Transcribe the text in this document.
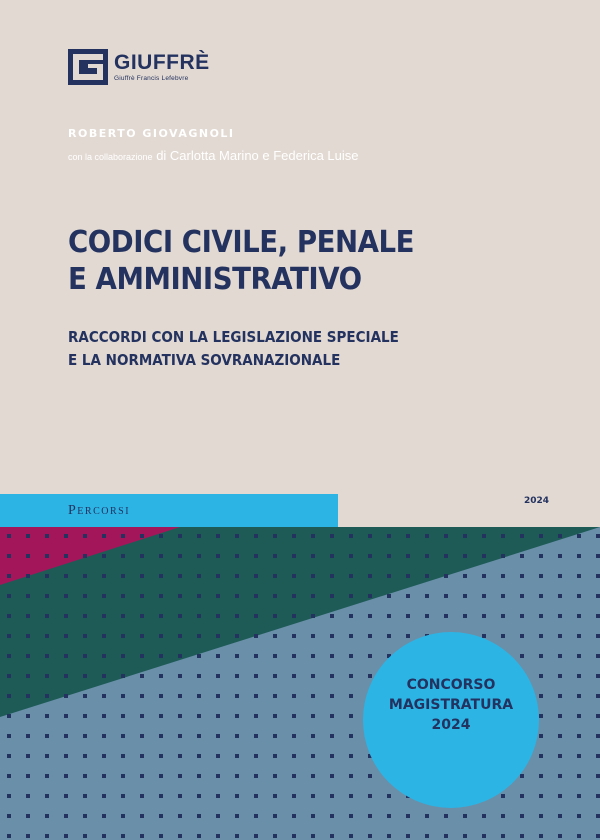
GIUFFRÈ
Giuffrè Francis Lefebvre
ROBERTO GIOVAGNOLI
con la collaborazione di Carlotta Marino e Federica Luise
CODICI CIVILE, PENALE
E AMMINISTRATIVO
RACCORDI CON LA LEGISLAZIONE SPECIALE
E LA NORMATIVA SOVRANAZIONALE
Percorsi
2024
CONCORSO
MAGISTRATURA
2024
